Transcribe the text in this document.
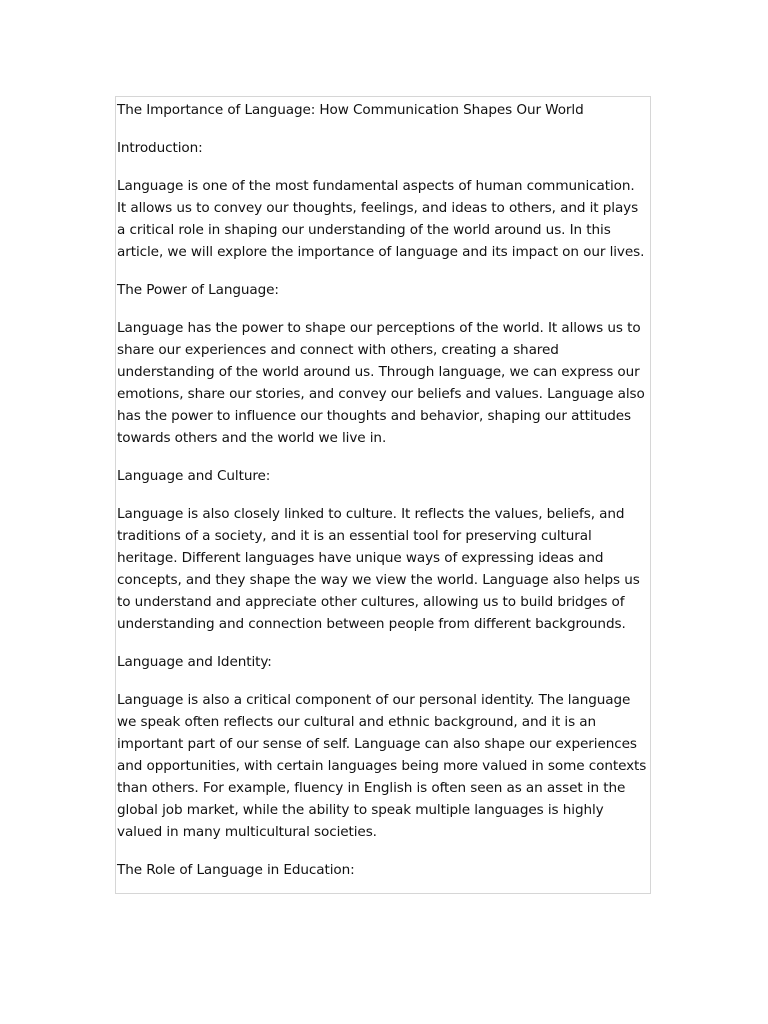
The Importance of Language: How Communication Shapes Our World
Introduction:
Language is one of the most fundamental aspects of human communication.
It allows us to convey our thoughts, feelings, and ideas to others, and it plays
a critical role in shaping our understanding of the world around us. In this
article, we will explore the importance of language and its impact on our lives.
The Power of Language:
Language has the power to shape our perceptions of the world. It allows us to
share our experiences and connect with others, creating a shared
understanding of the world around us. Through language, we can express our
emotions, share our stories, and convey our beliefs and values. Language also
has the power to influence our thoughts and behavior, shaping our attitudes
towards others and the world we live in.
Language and Culture:
Language is also closely linked to culture. It reflects the values, beliefs, and
traditions of a society, and it is an essential tool for preserving cultural
heritage. Different languages have unique ways of expressing ideas and
concepts, and they shape the way we view the world. Language also helps us
to understand and appreciate other cultures, allowing us to build bridges of
understanding and connection between people from different backgrounds.
Language and Identity:
Language is also a critical component of our personal identity. The language
we speak often reflects our cultural and ethnic background, and it is an
important part of our sense of self. Language can also shape our experiences
and opportunities, with certain languages being more valued in some contexts
than others. For example, fluency in English is often seen as an asset in the
global job market, while the ability to speak multiple languages is highly
valued in many multicultural societies.
The Role of Language in Education:
